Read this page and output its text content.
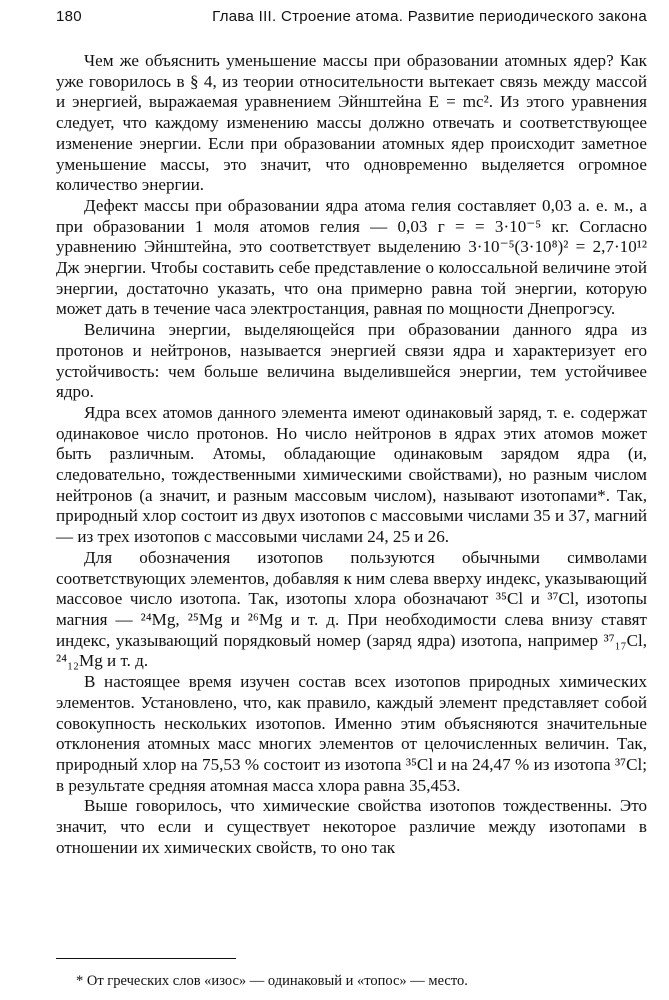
180	Глава III. Строение атома. Развитие периодического закона

Чем же объяснить уменьшение массы при образовании атомных ядер? Как уже говорилось в § 4, из теории относительности вытекает связь между массой и энергией, выражаемая уравнением Эйнштейна E = mc². Из этого уравнения следует, что каждому изменению массы должно отвечать и соответствующее изменение энергии. Если при образовании атомных ядер происходит заметное уменьшение массы, это значит, что одновременно выделяется огромное количество энергии.

Дефект массы при образовании ядра атома гелия составляет 0,03 а. е. м., а при образовании 1 моля атомов гелия — 0,03 г = = 3·10⁻⁵ кг. Согласно уравнению Эйнштейна, это соответствует выделению 3·10⁻⁵(3·10⁸)² = 2,7·10¹² Дж энергии. Чтобы составить себе представление о колоссальной величине этой энергии, достаточно указать, что она примерно равна той энергии, которую может дать в течение часа электростанция, равная по мощности Днепрогэсу.

Величина энергии, выделяющейся при образовании данного ядра из протонов и нейтронов, называется энергией связи ядра и характеризует его устойчивость: чем больше величина выделившейся энергии, тем устойчивее ядро.

Ядра всех атомов данного элемента имеют одинаковый заряд, т. е. содержат одинаковое число протонов. Но число нейтронов в ядрах этих атомов может быть различным. Атомы, обладающие одинаковым зарядом ядра (и, следовательно, тождественными химическими свойствами), но разным числом нейтронов (а значит, и разным массовым числом), называют изотопами*. Так, природный хлор состоит из двух изотопов с массовыми числами 35 и 37, магний — из трех изотопов с массовыми числами 24, 25 и 26.

Для обозначения изотопов пользуются обычными символами соответствующих элементов, добавляя к ним слева вверху индекс, указывающий массовое число изотопа. Так, изотопы хлора обозначают ³⁵Cl и ³⁷Cl, изотопы магния — ²⁴Mg, ²⁵Mg и ²⁶Mg и т. д. При необходимости слева внизу ставят индекс, указывающий порядковый номер (заряд ядра) изотопа, например ³⁷₁₇Cl, ²⁴₁₂Mg и т. д.

В настоящее время изучен состав всех изотопов природных химических элементов. Установлено, что, как правило, каждый элемент представляет собой совокупность нескольких изотопов. Именно этим объясняются значительные отклонения атомных масс многих элементов от целочисленных величин. Так, природный хлор на 75,53 % состоит из изотопа ³⁵Cl и на 24,47 % из изотопа ³⁷Cl; в результате средняя атомная масса хлора равна 35,453.

Выше говорилось, что химические свойства изотопов тождественны. Это значит, что если и существует некоторое различие между изотопами в отношении их химических свойств, то оно так

* От греческих слов «изос» — одинаковый и «топос» — место.
